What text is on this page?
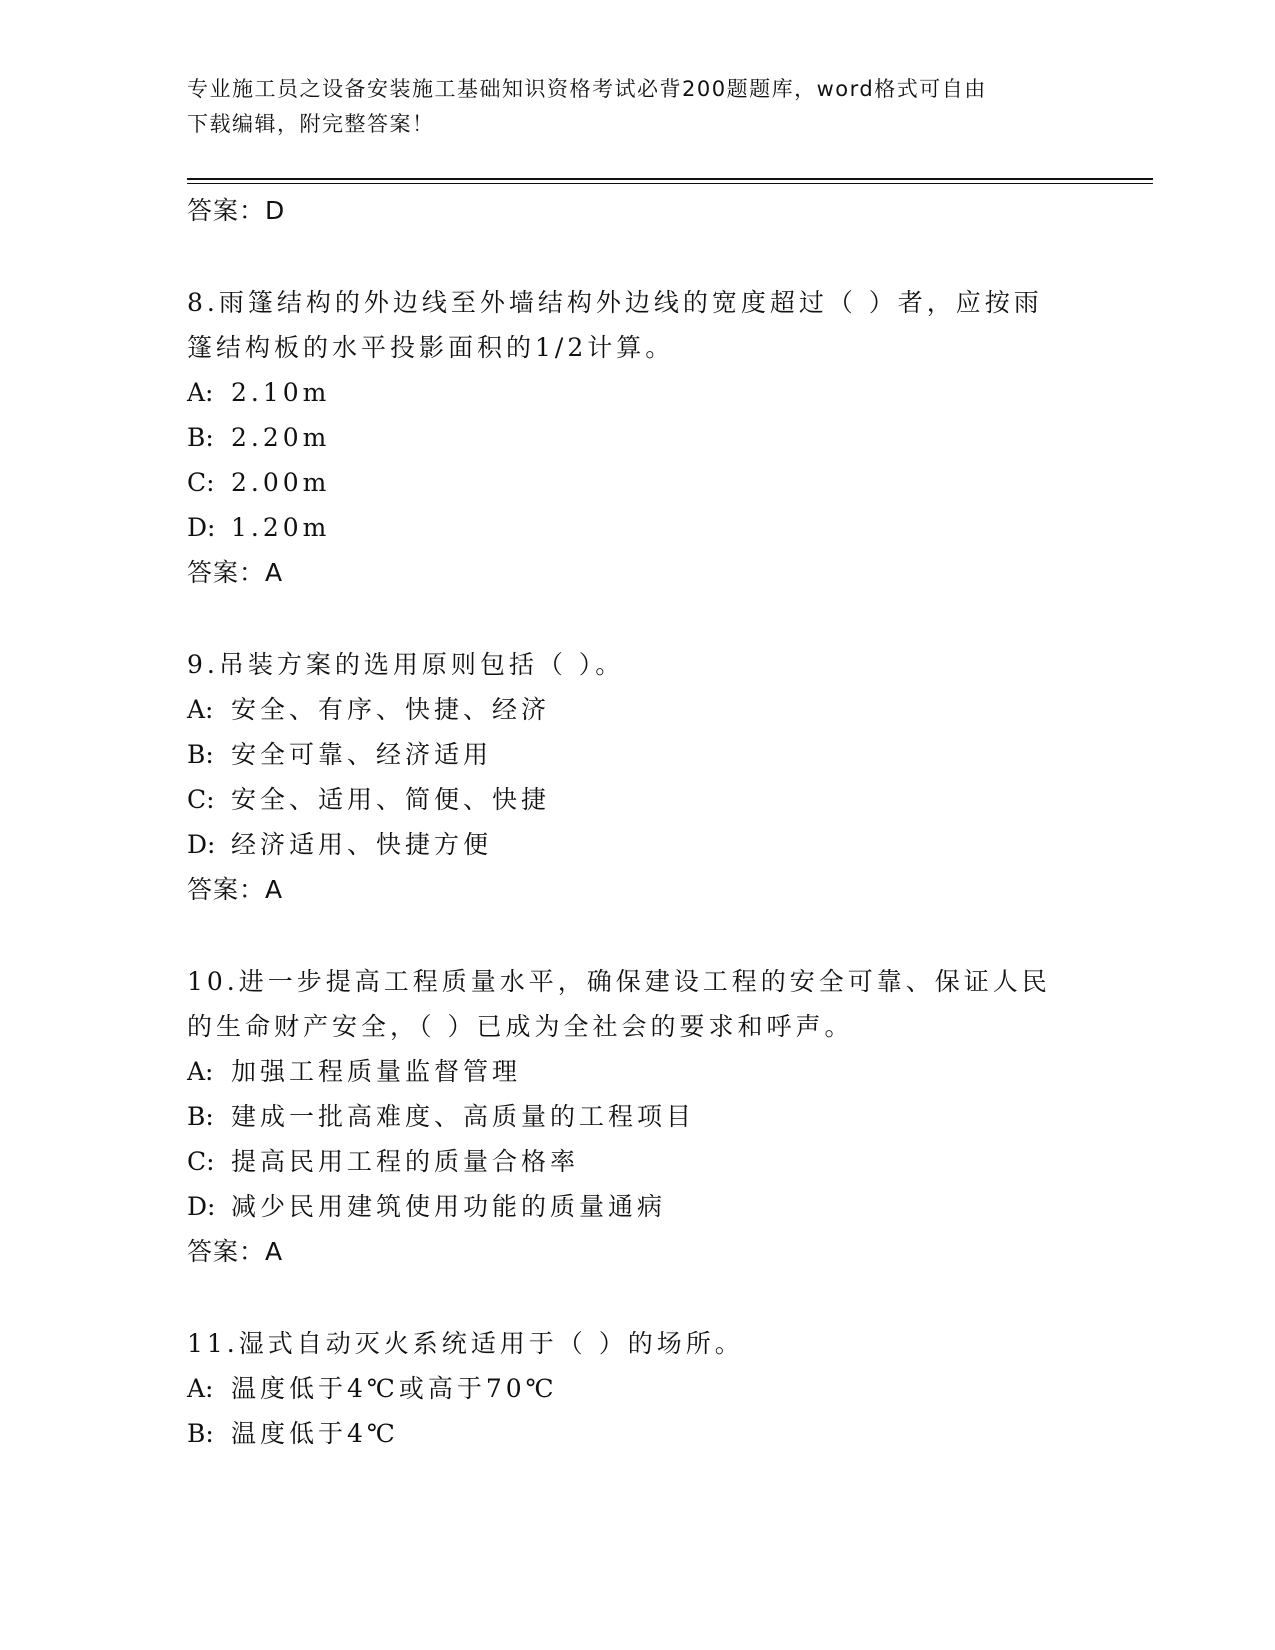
专业施工员之设备安装施工基础知识资格考试必背200题题库，word格式可自由
下载编辑，附完整答案！
答案：D
8.雨篷结构的外边线至外墙结构外边线的宽度超过（ ）者，应按雨篷结构板的水平投影面积的1/2计算。
A: 2.10m
B: 2.20m
C: 2.00m
D: 1.20m
答案：A
9.吊装方案的选用原则包括（ ）。
A: 安全、有序、快捷、经济
B: 安全可靠、经济适用
C: 安全、适用、简便、快捷
D: 经济适用、快捷方便
答案：A
10.进一步提高工程质量水平，确保建设工程的安全可靠、保证人民的生命财产安全，（ ）已成为全社会的要求和呼声。
A: 加强工程质量监督管理
B: 建成一批高难度、高质量的工程项目
C: 提高民用工程的质量合格率
D: 减少民用建筑使用功能的质量通病
答案：A
11.湿式自动灭火系统适用于（ ）的场所。
A: 温度低于4℃或高于70℃
B: 温度低于4℃
